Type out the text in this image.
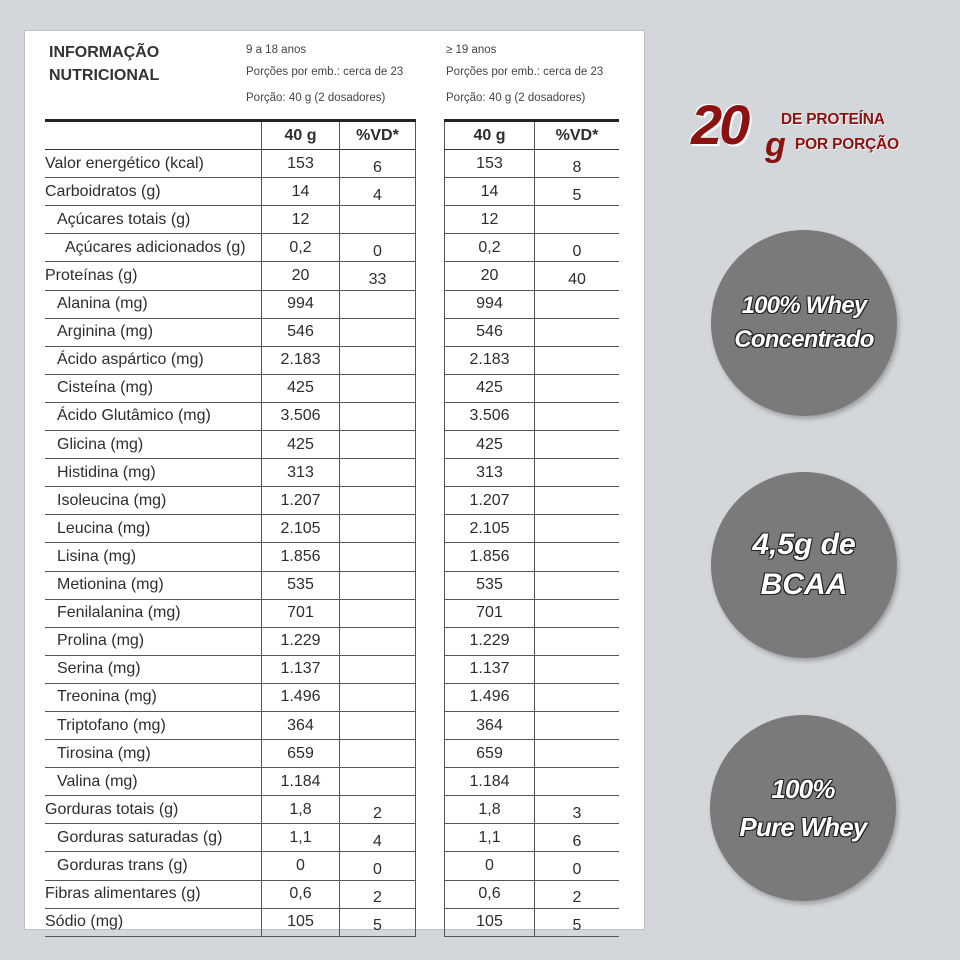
INFORMAÇÃO
NUTRICIONAL
9 a 18 anos
Porções por emb.: cerca de 23
Porção: 40 g (2 dosadores)
≥ 19 anos
Porções por emb.: cerca de 23
Porção: 40 g (2 dosadores)
	40 g	%VD*		40 g	%VD*
Valor energético (kcal)	153	6		153	8
Carboidratos (g)	14	4		14	5
Açúcares totais (g)	12			12	
Açúcares adicionados (g)	0,2	0		0,2	0
Proteínas (g)	20	33		20	40
Alanina (mg)	994			994	
Arginina (mg)	546			546	
Ácido aspártico (mg)	2.183			2.183	
Cisteína (mg)	425			425	
Ácido Glutâmico (mg)	3.506			3.506	
Glicina (mg)	425			425	
Histidina (mg)	313			313	
Isoleucina (mg)	1.207			1.207	
Leucina (mg)	2.105			2.105	
Lisina (mg)	1.856			1.856	
Metionina (mg)	535			535	
Fenilalanina (mg)	701			701	
Prolina (mg)	1.229			1.229	
Serina (mg)	1.137			1.137	
Treonina (mg)	1.496			1.496	
Triptofano (mg)	364			364	
Tirosina (mg)	659			659	
Valina (mg)	1.184			1.184	
Gorduras totais (g)	1,8	2		1,8	3
Gorduras saturadas (g)	1,1	4		1,1	6
Gorduras trans (g)	0	0		0	0
Fibras alimentares (g)	0,6	2		0,6	2
Sódio (mg)	105	5		105	5
20 g
DE PROTEÍNA
POR PORÇÃO
100% Whey
Concentrado
4,5g de
BCAA
100%
Pure Whey
